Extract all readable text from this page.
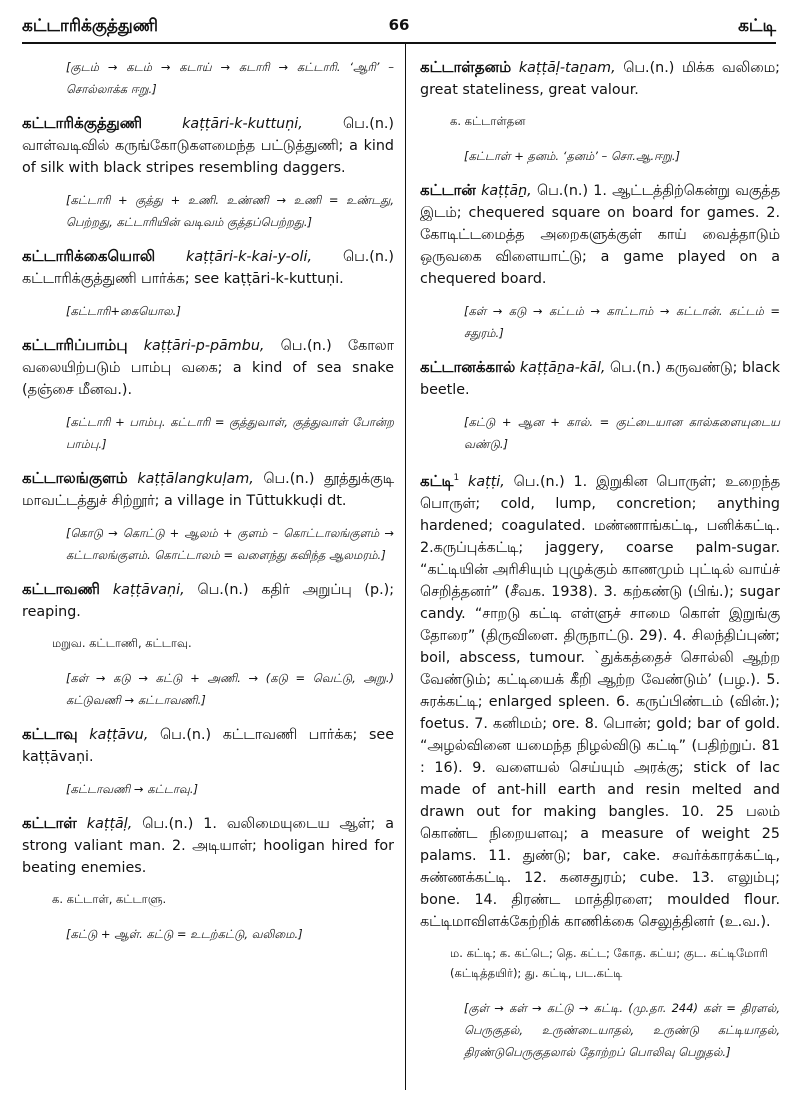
கட்டாரிக்குத்துணி	66	கட்டி

[குடம் → கடம் → கடாய் → கடாரி → கட்டாரி. ‘ஆரி’ – சொல்லாக்க ஈறு.]

கட்டாரிக்குத்துணி	kaṭṭāri-k-kuttuṇi,	பெ.(n.) வாள்வடிவில் கருங்கோடுகளமைந்த பட்டுத்துணி; a kind of silk with black stripes resembling daggers.

[கட்டாரி + குத்து + உணி. உண்ணி → உணி = உண்டது, பெற்றது, கட்டாரியின் வடிவம் குத்தப்பெற்றது.]

கட்டாரிக்கையொலி kaṭṭāri-k-kai-y-oli, பெ.(n.) கட்டாரிக்குத்துணி பார்க்க; see kaṭṭāri-k-kuttuṇi.

[கட்டாரி+கையொல.]

கட்டாரிப்பாம்பு kaṭṭāri-p-pāmbu, பெ.(n.) கோலா வலையிற்படும் பாம்பு வகை; a kind of sea snake (தஞ்சை மீனவ.).

[கட்டாரி + பாம்பு. கட்டாரி = குத்துவாள், குத்துவாள் போன்ற பாம்பு.]

கட்டாலங்குளம் kaṭṭālangkuḷam, பெ.(n.) தூத்துக்குடி மாவட்டத்துச் சிற்றூர்; a village in Tūttukkuḍi dt.

[கொடு → கொட்டு + ஆலம் + குளம் – கொட்டாலங்குளம் → கட்டாலங்குளம். கொட்டாலம் = வளைந்து கவிந்த ஆலமரம்.]

கட்டாவணி kaṭṭāvaṇi, பெ.(n.) கதிர் அறுப்பு (p.); reaping.

மறுவ. கட்டாணி, கட்டாவு.

[கள் → கடு → கட்டு + அணி. → (கடு = வெட்டு, அறு.) கட்டுவணி → கட்டாவணி.]

கட்டாவு kaṭṭāvu, பெ.(n.) கட்டாவணி பார்க்க; see kaṭṭāvaṇi.

[கட்டாவணி → கட்டாவு.]

கட்டாள் kaṭṭāḷ, பெ.(n.) 1. வலிமையுடைய ஆள்; a strong valiant man. 2. அடியாள்; hooligan hired for beating enemies.

க. கட்டாள், கட்டாளு.

[கட்டு + ஆள். கட்டு = உடற்கட்டு, வலிமை.]

கட்டாள்தனம் kaṭṭāḷ-taṉam, பெ.(n.) மிக்க வலிமை; great stateliness, great valour.

க. கட்டாள்தன

[கட்டாள் + தனம். ‘தனம்’ – சொ.ஆ.ஈறு.]

கட்டான் kaṭṭāṉ, பெ.(n.) 1. ஆட்டத்திற்கென்று வகுத்த இடம்; chequered square on board for games. 2. கோடிட்டமைத்த அறைகளுக்குள் காய் வைத்தாடும் ஒருவகை விளையாட்டு; a game played on a chequered board.

[கள் → கடு → கட்டம் → காட்டாம் → கட்டான். கட்டம் = சதுரம்.]

கட்டானக்கால் kaṭṭāṉa-kāl, பெ.(n.) கருவண்டு; black beetle.

[கட்டு + ஆன + கால். = குட்டையான கால்களையுடைய வண்டு.]

கட்டி$^1$ kaṭṭi, பெ.(n.) 1. இறுகின பொருள்; உறைந்த பொருள்; cold, lump, concretion; anything hardened; coagulated. மண்ணாங்கட்டி, பனிக்கட்டி. 2.கருப்புக்கட்டி; jaggery, coarse palm-sugar. “கட்டியின் அரிசியும் புழுக்கும் காணமும் புட்டில் வாய்ச் செறித்தனர்” (சீவக. 1938). 3. கற்கண்டு (பிங்.); sugar candy. “சாறடு கட்டி எள்ளுச் சாமை கொள் இறுங்கு தோரை” (திருவிளை. திருநாட்டு. 29). 4. சிலந்திப்புண்; boil, abscess, tumour. `துக்கத்தைச் சொல்லி ஆற்ற வேண்டும்; கட்டியைக் கீறி ஆற்ற வேண்டும்’ (பழ.). 5. சுரக்கட்டி; enlarged spleen. 6. கருப்பிண்டம் (வின்.); foetus. 7. கனிமம்; ore. 8. பொன்; gold; bar of gold. “அழல்வினை யமைந்த நிழல்விடு கட்டி” (பதிற்றுப். 81 : 16). 9. வளையல் செய்யும் அரக்கு; stick of lac made of ant-hill earth and resin melted and drawn out for making bangles. 10. 25 பலம் கொண்ட நிறையளவு; a measure of weight 25 palams. 11. துண்டு; bar, cake. சவர்க்காரக்கட்டி, சுண்ணக்கட்டி. 12. கனசதுரம்; cube. 13. எலும்பு; bone. 14. திரண்ட மாத்திரளை; moulded flour. கட்டிமாவிளக்கேற்றிக் காணிக்கை செலுத்தினர் (உ.வ.).

ம. கட்டி; க. கட்டெ; தெ. கட்ட; கோத. கட்ய; குட. கட்டிமோரி (கட்டித்தயிர்); து. கட்டி, பட.கட்டி

[குள் → கள் → கட்டு → கட்டி. (மு.தா. 244) கள் = திரளல், பெருகுதல், உருண்டையாதல், உருண்டு கட்டியாதல், திரண்டுபெருகுதலால் தோற்றப் பொலிவு பெறுதல்.]
